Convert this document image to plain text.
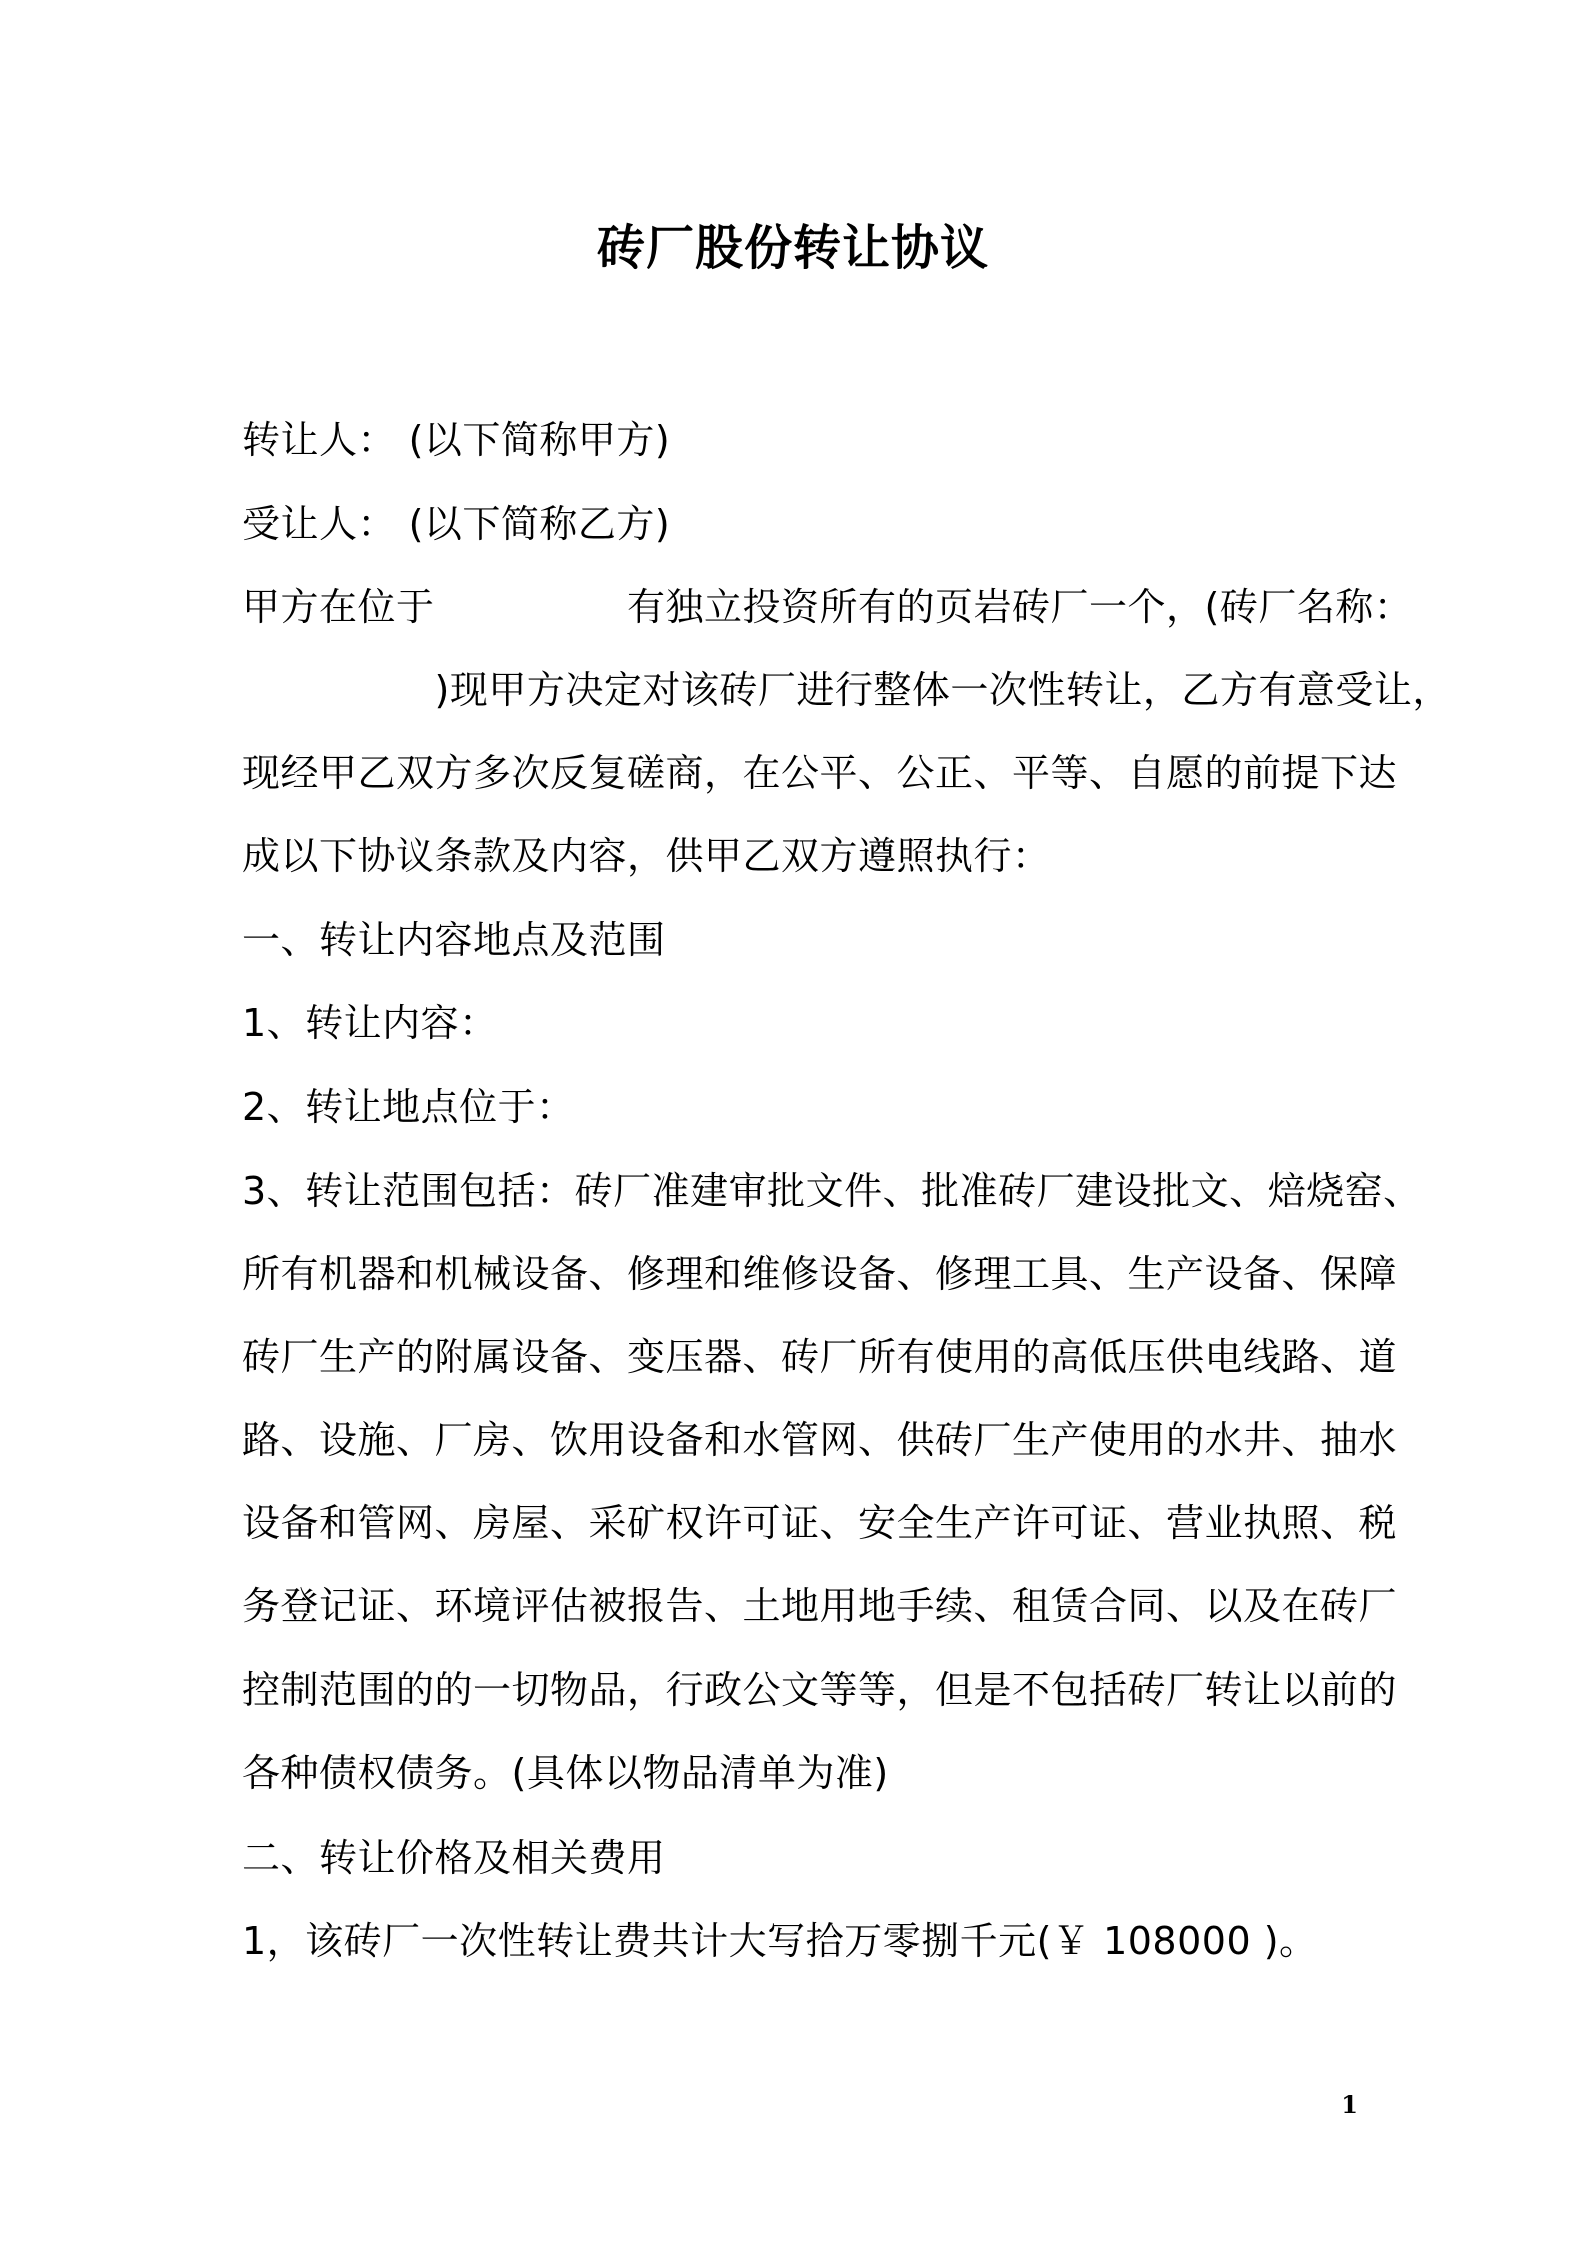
砖厂股份转让协议
转让人： (以下简称甲方)
受让人： (以下简称乙方)
甲方在位于　　　　　有独立投资所有的页岩砖厂一个，(砖厂名称：
　　　　　)现甲方决定对该砖厂进行整体一次性转让，乙方有意受让，
现经甲乙双方多次反复磋商，在公平、公正、平等、自愿的前提下达
成以下协议条款及内容，供甲乙双方遵照执行：
一、转让内容地点及范围
1、转让内容：
2、转让地点位于：
3、转让范围包括：砖厂准建审批文件、批准砖厂建设批文、焙烧窑、
所有机器和机械设备、修理和维修设备、修理工具、生产设备、保障
砖厂生产的附属设备、变压器、砖厂所有使用的高低压供电线路、道
路、设施、厂房、饮用设备和水管网、供砖厂生产使用的水井、抽水
设备和管网、房屋、采矿权许可证、安全生产许可证、营业执照、税
务登记证、环境评估被报告、土地用地手续、租赁合同、以及在砖厂
控制范围的的一切物品，行政公文等等，但是不包括砖厂转让以前的
各种债权债务。(具体以物品清单为准)
二、转让价格及相关费用
1，该砖厂一次性转让费共计大写拾万零捌千元(￥ 108000 )。
1
